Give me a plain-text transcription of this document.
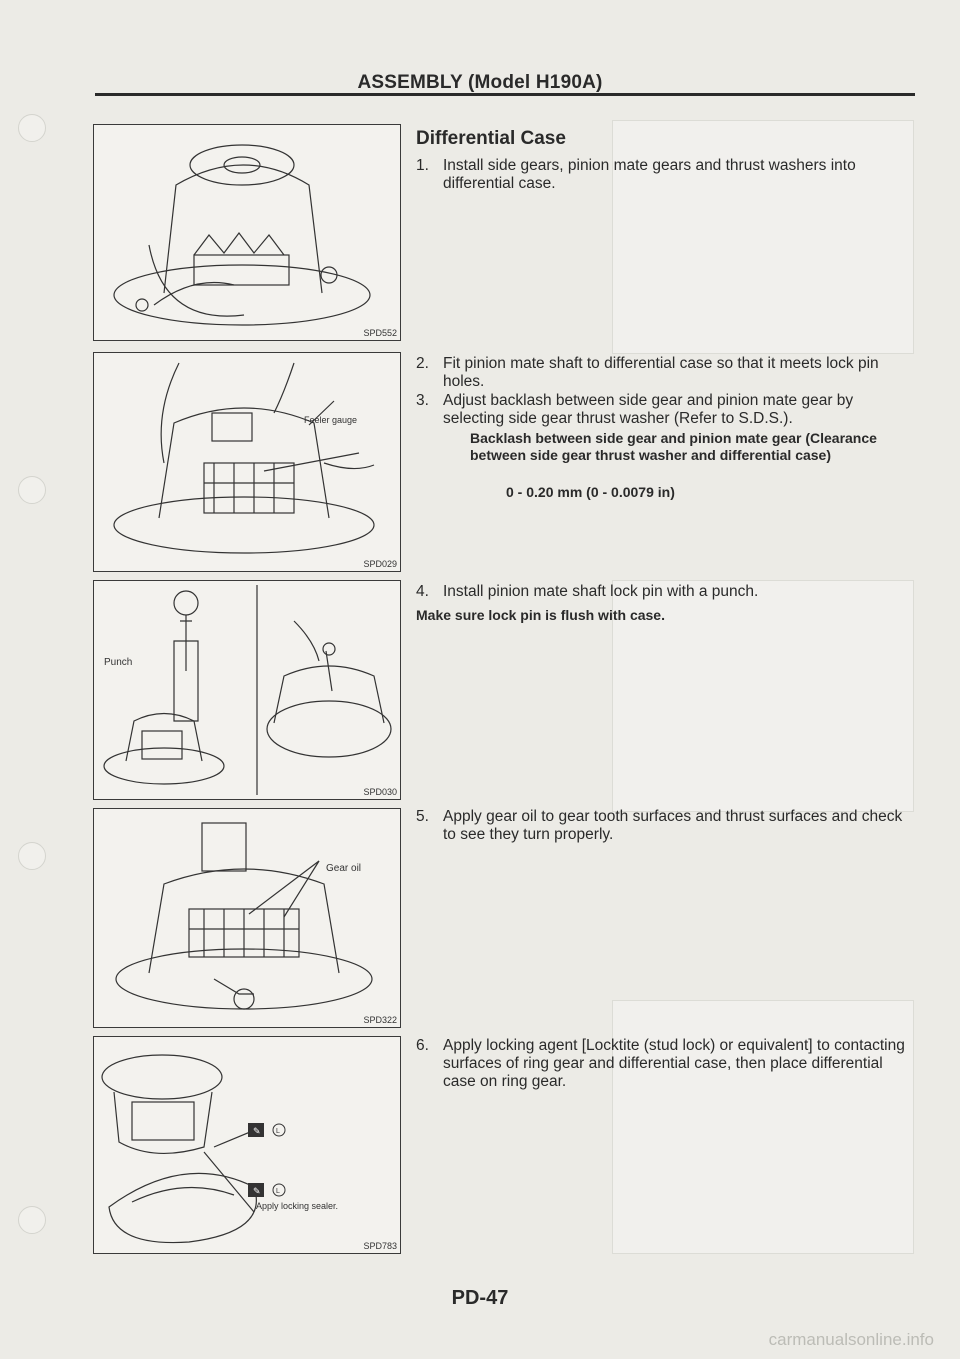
ASSEMBLY (Model H190A)
SPD552
Feeler gauge
SPD029
Punch
SPD030
Gear oil
SPD322
✎ L
✎ L
Apply locking sealer.
SPD783
Differential Case
1. Install side gears, pinion mate gears and thrust washers into differential case.
2. Fit pinion mate shaft to differential case so that it meets lock pin holes.
3. Adjust backlash between side gear and pinion mate gear by selecting side gear thrust washer (Refer to S.D.S.).
Backlash between side gear and pinion mate gear (Clearance between side gear thrust washer and differential case)
0 - 0.20 mm (0 - 0.0079 in)
4. Install pinion mate shaft lock pin with a punch.
Make sure lock pin is flush with case.
5. Apply gear oil to gear tooth surfaces and thrust surfaces and check to see they turn properly.
6. Apply locking agent [Locktite (stud lock) or equivalent] to contacting surfaces of ring gear and differential case, then place differential case on ring gear.
PD-47
carmanualsonline.info
